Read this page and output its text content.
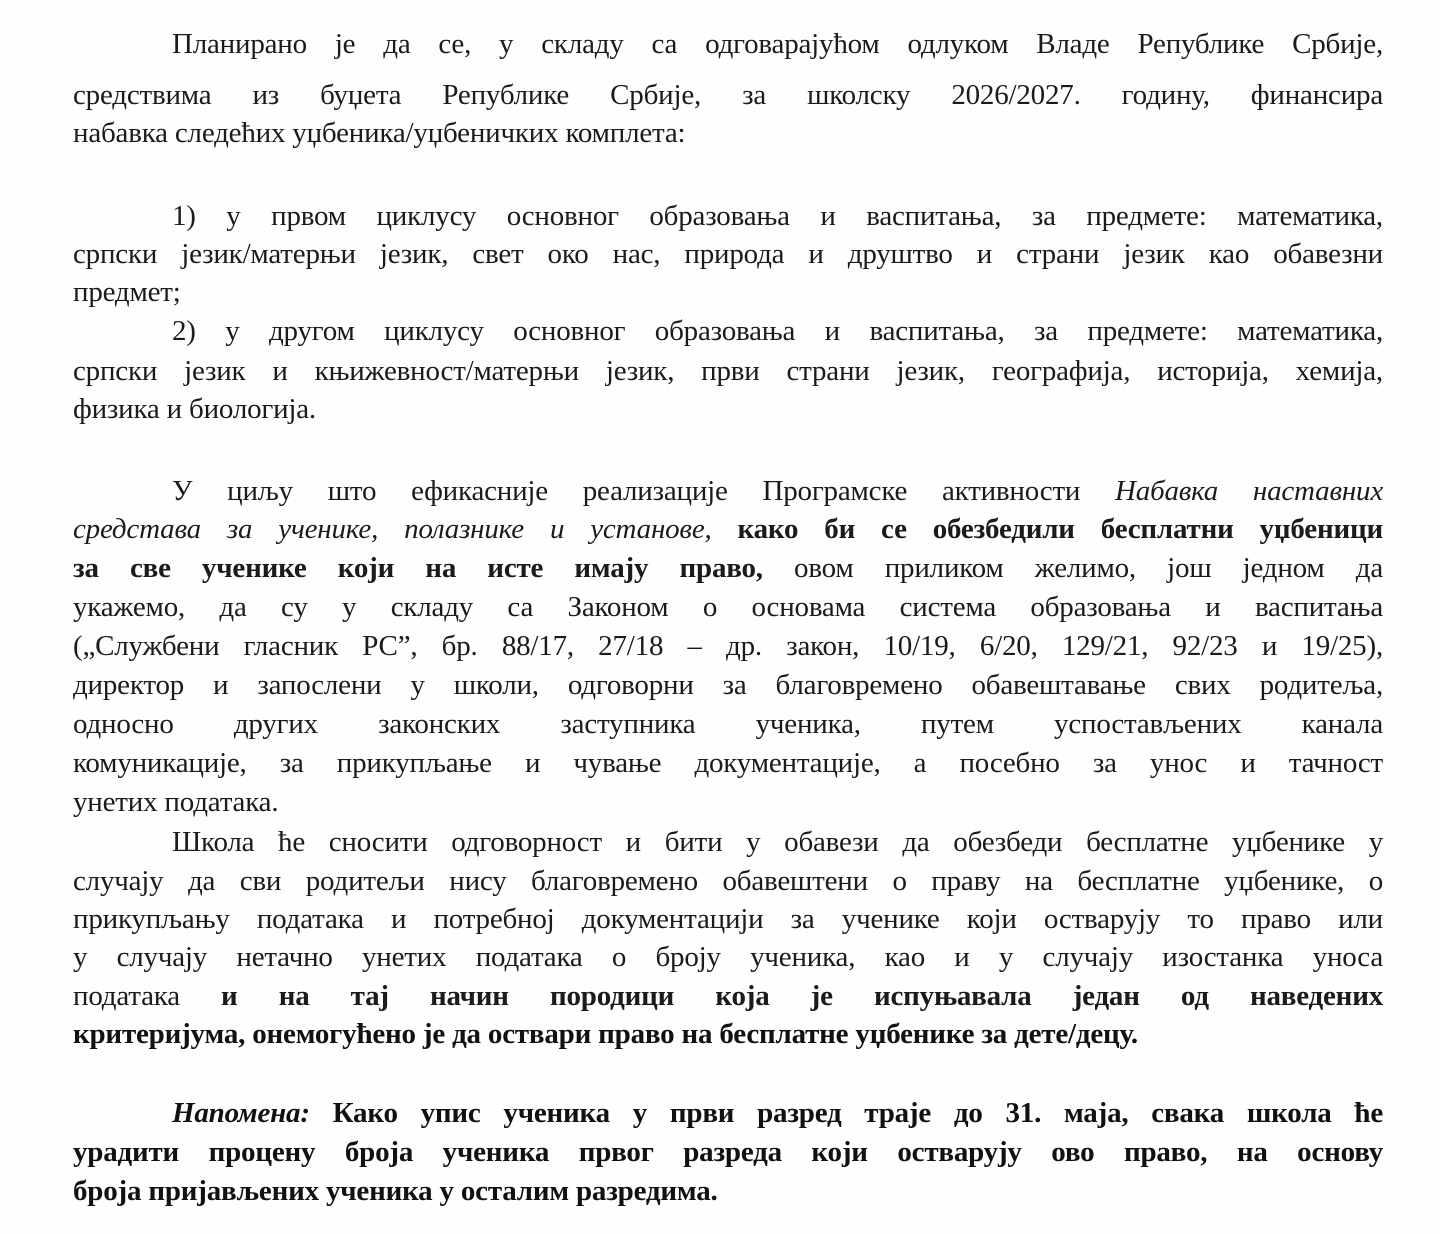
Планирано је да се, у складу са одговарајућом одлуком Владе Републике Србије,
средствима из буџета Републике Србије, за школску 2026/2027. годину, финансира
набавка следећих уџбеника/уџбеничких комплета:
1) у првом циклусу основног образовања и васпитања, за предмете: математика,
српски језик/матерњи језик, свет око нас, природа и друштво и страни језик као обавезни
предмет;
2) у другом циклусу основног образовања и васпитања, за предмете: математика,
српски језик и књижевност/матерњи језик, први страни језик, географија, историја, хемија,
физика и биологија.
У циљу што ефикасније реализације Програмске активности Набавка наставних
средстава за ученике, полазнике и установе, како би се обезбедили бесплатни уџбеници
за све ученике који на исте имају право, овом приликом желимо, још једном да
укажемо, да су у складу са Законом о основама система образовања и васпитања
(„Службени гласник РС”, бр. 88/17, 27/18 – др. закон, 10/19, 6/20, 129/21, 92/23 и 19/25),
директор и запослени у школи, одговорни за благовремено обавештавање свих родитеља,
односно других законских заступника ученика, путем успостављених канала
комуникације, за прикупљање и чување документације, а посебно за унос и тачност
унетих података.
Школа ће сносити одговорност и бити у обавези да обезбеди бесплатне уџбенике у
случају да сви родитељи нису благовремено обавештени о праву на бесплатне уџбенике, о
прикупљању података и потребној документацији за ученике који остварују то право или
у случају нетачно унетих података о броју ученика, као и у случају изостанка уноса
података и на тај начин породици која је испуњавала један од наведених
критеријума, онемогућено је да оствари право на бесплатне уџбенике за дете/децу.
Напомена: Како упис ученика у први разред траје до 31. маја, свака школа ће
урадити процену броја ученика првог разреда који остварују ово право, на основу
броја пријављених ученика у осталим разредима.
